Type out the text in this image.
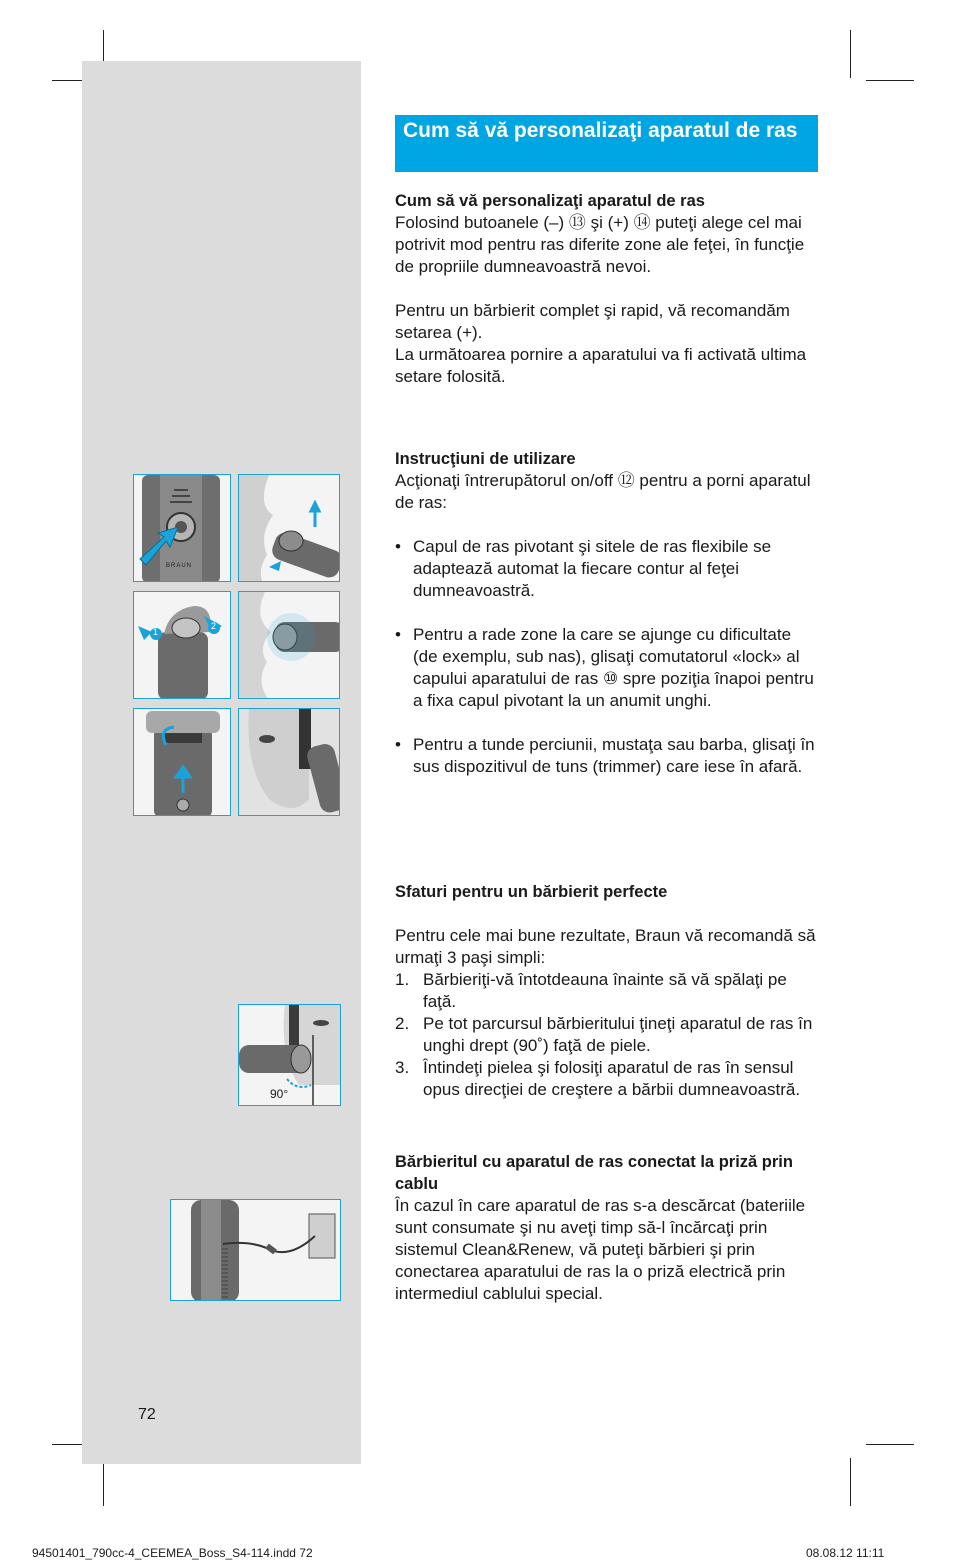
Cum să vă personalizaţi aparatul de ras

Cum să vă personalizaţi aparatul de ras

Folosind butoanele (–) ⑬ şi (+) ⑭ puteţi alege cel mai potrivit mod pentru ras diferite zone ale feţei, în funcţie de propriile dumneavoastră nevoi.

Pentru un bărbierit complet şi rapid, vă recomandăm setarea (+).

La următoarea pornire a aparatului va fi activată ultima setare folosită.

Instrucţiuni de utilizare

Acţionaţi întrerupătorul on/off ⑫ pentru a porni aparatul de ras:

• Capul de ras pivotant şi sitele de ras flexibile se adaptează automat la fiecare contur al feţei dumneavoastră.

• Pentru a rade zone la care se ajunge cu dificultate (de exemplu, sub nas), glisaţi comutatorul «lock» al capului aparatului de ras ⑩ spre poziţia înapoi pentru a fixa capul pivotant la un anumit unghi.

• Pentru a tunde perciunii, mustaţa sau barba, glisaţi în sus dispozitivul de tuns (trimmer) care iese în afară.

Sfaturi pentru un bărbierit perfecte

Pentru cele mai bune rezultate, Braun vă recomandă să urmaţi 3 paşi simpli:

1. Bărbieriţi-vă întotdeauna înainte să vă spălaţi pe faţă.

2. Pe tot parcursul bărbieritului ţineţi aparatul de ras în unghi drept (90˚) faţă de piele.

3. Întindeţi pielea şi folosiţi aparatul de ras în sensul opus direcţiei de creştere a bărbii dumneavoastră.

Bărbieritul cu aparatul de ras conectat la priză prin cablu

În cazul în care aparatul de ras s-a descărcat (bateriile sunt consumate şi nu aveţi timp să-l încărcaţi prin sistemul Clean&Renew, vă puteţi bărbieri şi prin conectarea aparatului de ras la o priză electrică prin intermediul cablului special.

BRAUN
1
2
90°
72
94501401_790cc-4_CEEMEA_Boss_S4-114.indd 72	08.08.12 11:11
